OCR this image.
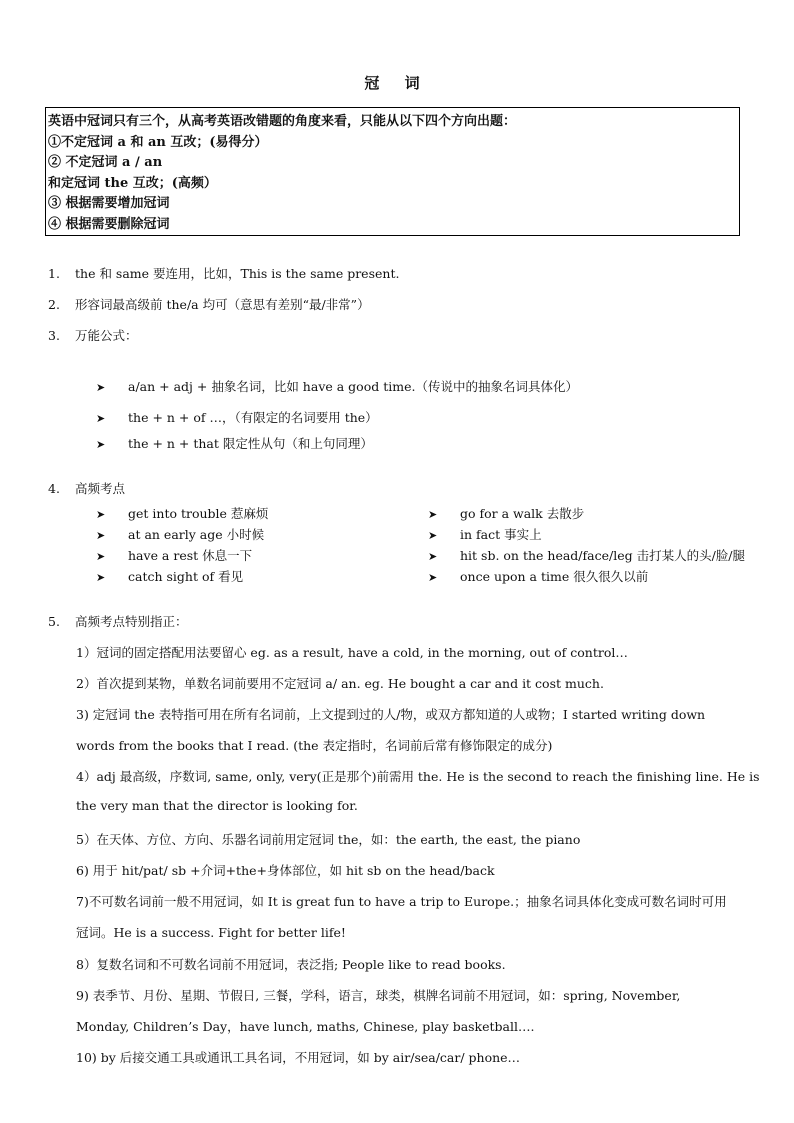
冠 词
英语中冠词只有三个，从高考英语改错题的角度来看，只能从以下四个方向出题：
①不定冠词 a 和 an 互改；(易得分）
② 不定冠词 a / an
和定冠词 the 互改；(高频）
③ 根据需要增加冠词
④ 根据需要删除冠词
1. the 和 same 要连用，比如，This is the same present.
2. 形容词最高级前 the/a 均可（意思有差别“最/非常”）
3. 万能公式：
➤ a/an + adj + 抽象名词，比如 have a good time.（传说中的抽象名词具体化）
➤ the + n + of …，（有限定的名词要用 the）
➤ the + n + that 限定性从句（和上句同理）
4. 高频考点
➤ get into trouble 惹麻烦
➤ at an early age 小时候
➤ have a rest 休息一下
➤ catch sight of 看见
➤ go for a walk 去散步
➤ in fact 事实上
➤ hit sb. on the head/face/leg 击打某人的头/脸/腿
➤ once upon a time 很久很久以前
5. 高频考点特别指正：
1）冠词的固定搭配用法要留心 eg. as a result, have a cold, in the morning, out of control…
2）首次提到某物，单数名词前要用不定冠词 a/ an. eg. He bought a car and it cost much.
3) 定冠词 the 表特指可用在所有名词前，上文提到过的人/物，或双方都知道的人或物；I started writing down
words from the books that I read. (the 表定指时，名词前后常有修饰限定的成分)
4）adj 最高级，序数词, same, only, very(正是那个)前需用 the. He is the second to reach the finishing line. He is
the very man that the director is looking for.
5）在天体、方位、方向、乐器名词前用定冠词 the，如：the earth, the east, the piano
6) 用于 hit/pat/ sb +介词+the+身体部位，如 hit sb on the head/back
7)不可数名词前一般不用冠词，如 It is great fun to have a trip to Europe.；抽象名词具体化变成可数名词时可用
冠词。He is a success. Fight for better life!
8）复数名词和不可数名词前不用冠词，表泛指; People like to read books.
9) 表季节、月份、星期、节假日, 三餐，学科，语言，球类，棋牌名词前不用冠词，如：spring, November,
Monday, Children’s Day，have lunch, maths, Chinese, play basketball….
10) by 后接交通工具或通讯工具名词，不用冠词，如 by air/sea/car/ phone…
